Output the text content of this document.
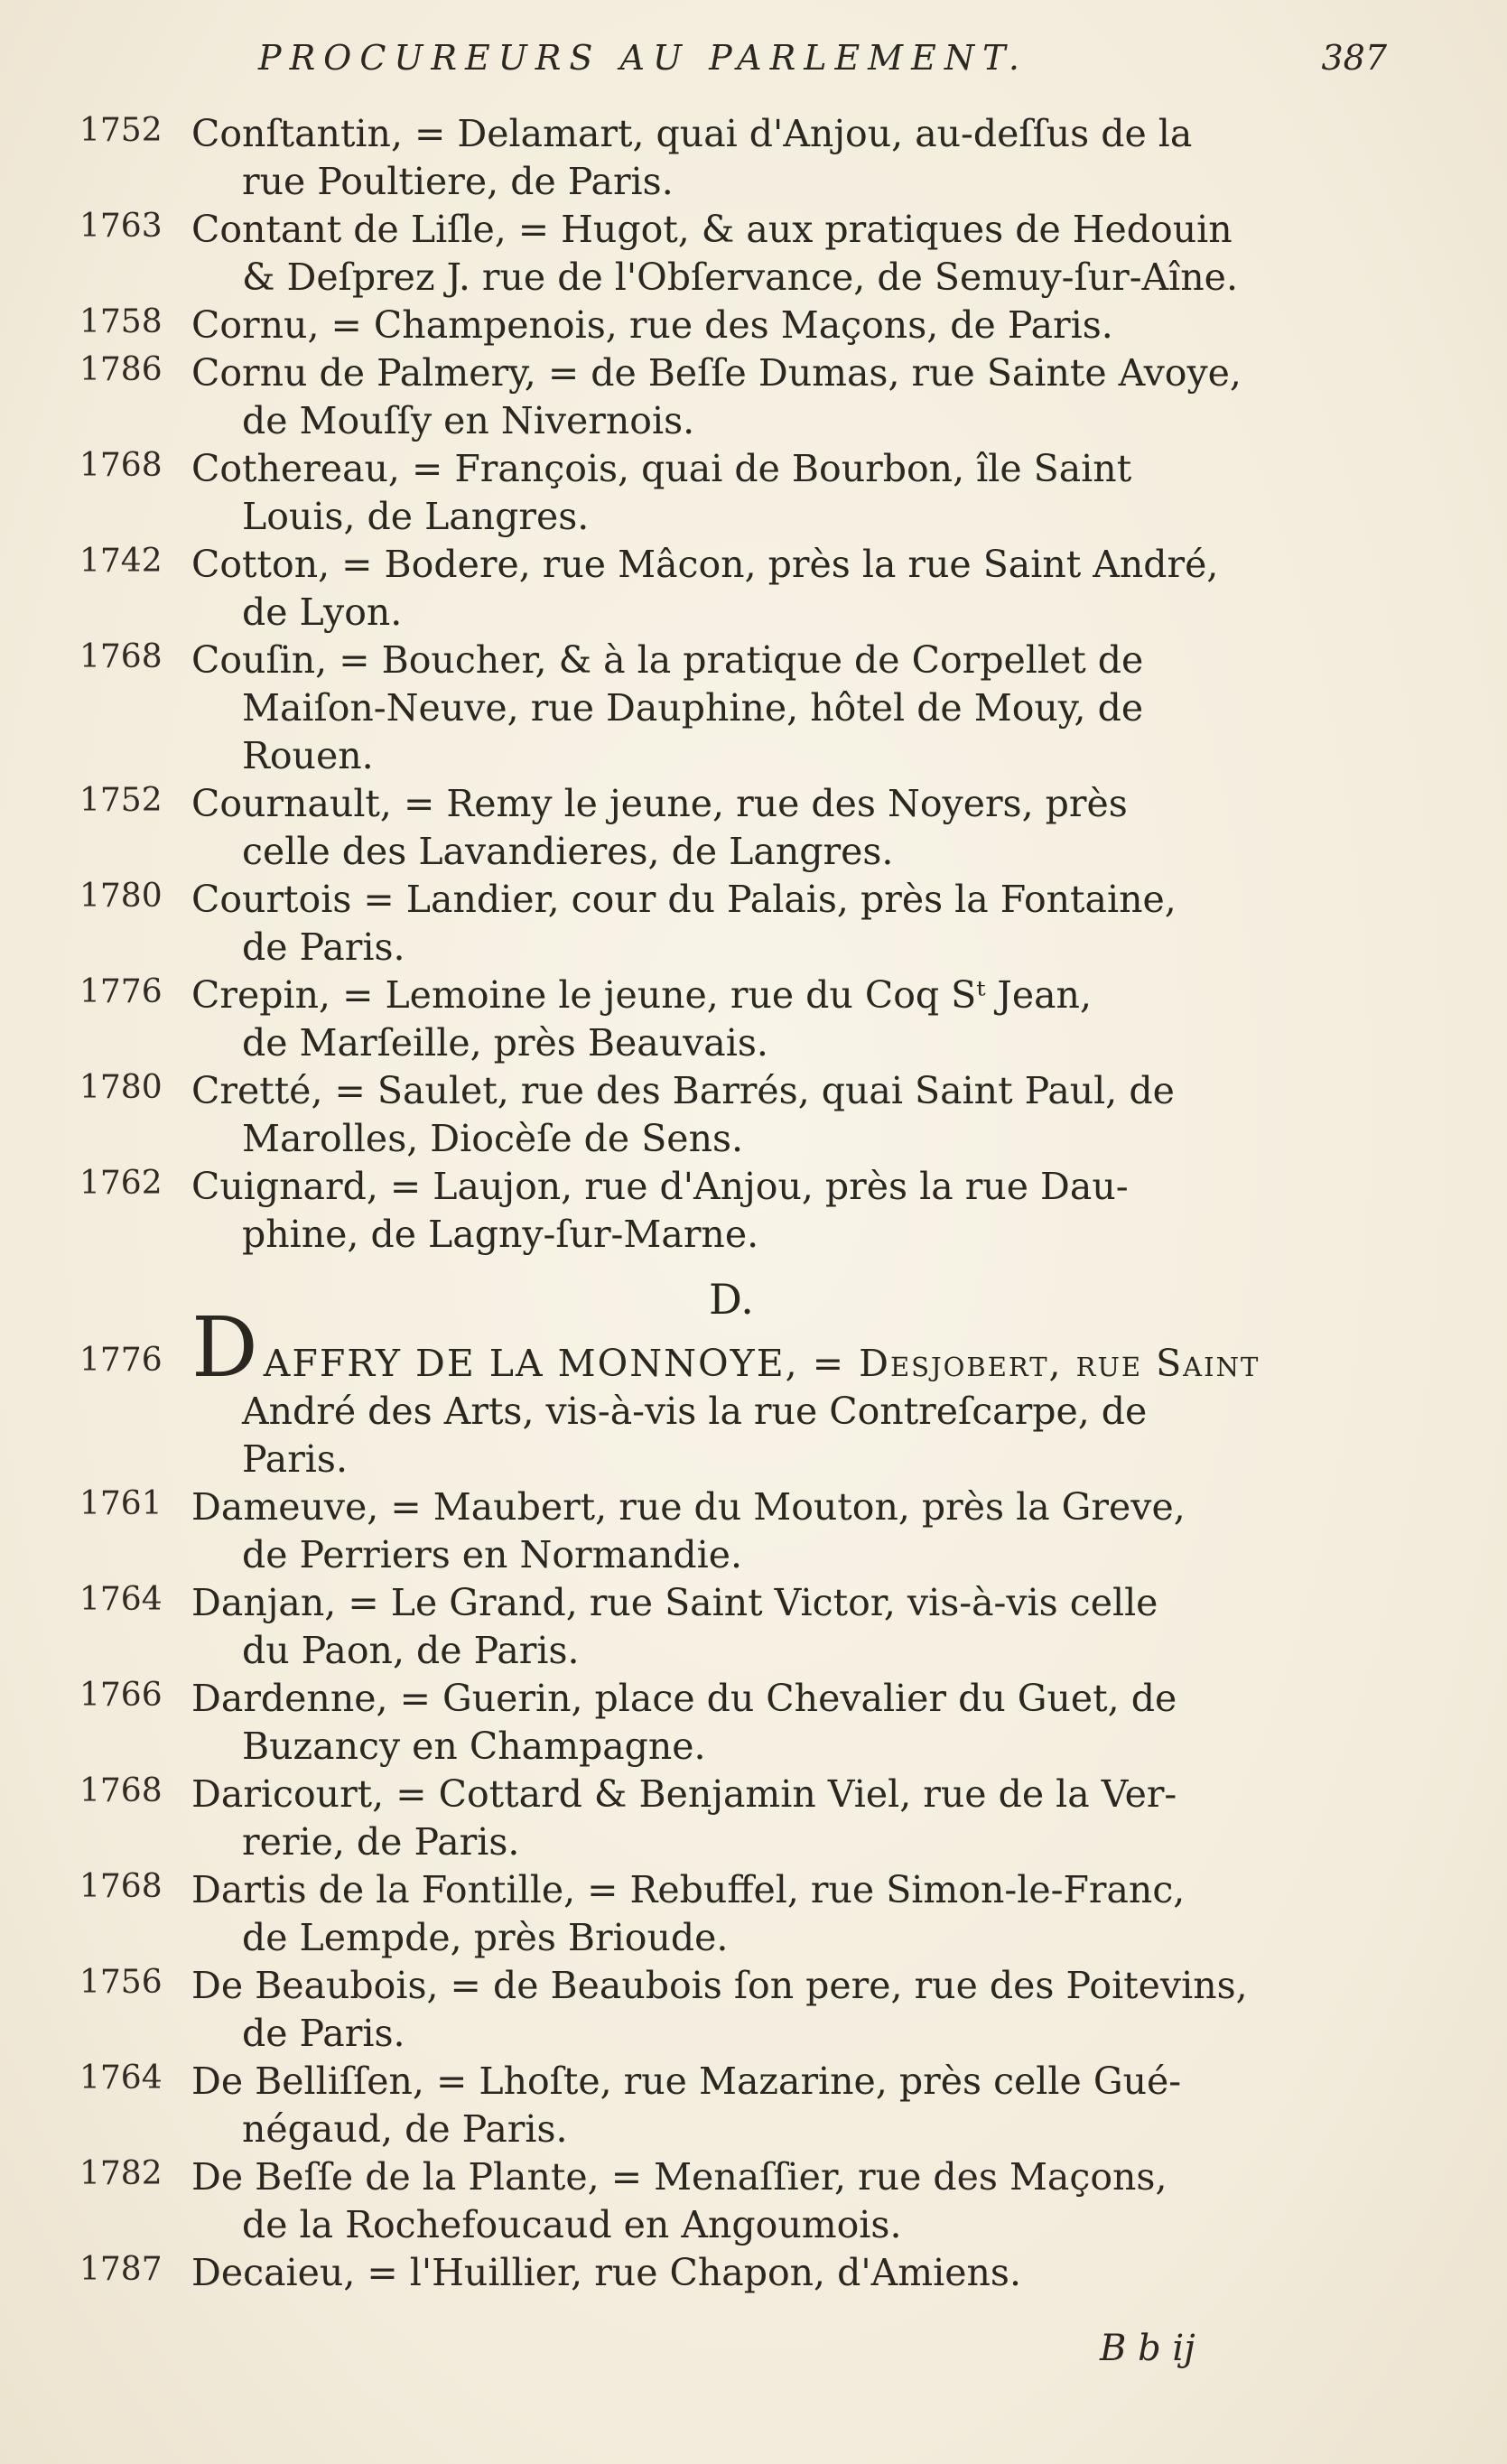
PROCUREURS AU PARLEMENT.	387
1752 Conſtantin, = Delamart, quai d'Anjou, au-deſſus de la
rue Poultiere, de Paris.
1763 Contant de Liſle, = Hugot, & aux pratiques de Hedouin
& Deſprez J. rue de l'Obſervance, de Semuy-ſur-Aîne.
1758 Cornu, = Champenois, rue des Maçons, de Paris.
1786 Cornu de Palmery, = de Beſſe Dumas, rue Sainte Avoye,
de Mouſſy en Nivernois.
1768 Cothereau, = François, quai de Bourbon, île Saint
Louis, de Langres.
1742 Cotton, = Bodere, rue Mâcon, près la rue Saint André,
de Lyon.
1768 Couſin, = Boucher, & à la pratique de Corpellet de
Maiſon-Neuve, rue Dauphine, hôtel de Mouy, de
Rouen.
1752 Cournault, = Remy le jeune, rue des Noyers, près
celle des Lavandieres, de Langres.
1780 Courtois = Landier, cour du Palais, près la Fontaine,
de Paris.
1776 Crepin, = Lemoine le jeune, rue du Coq Sᵗ Jean,
de Marſeille, près Beauvais.
1780 Cretté, = Saulet, rue des Barrés, quai Saint Paul, de
Marolles, Diocèſe de Sens.
1762 Cuignard, = Laujon, rue d'Anjou, près la rue Dau-
phine, de Lagny-ſur-Marne.
D.
1776 DAFFRY DE LA MONNOYE, = Deſjobert, rue Saint
André des Arts, vis-à-vis la rue Contreſcarpe, de
Paris.
1761 Dameuve, = Maubert, rue du Mouton, près la Greve,
de Perriers en Normandie.
1764 Danjan, = Le Grand, rue Saint Victor, vis-à-vis celle
du Paon, de Paris.
1766 Dardenne, = Guerin, place du Chevalier du Guet, de
Buzancy en Champagne.
1768 Daricourt, = Cottard & Benjamin Viel, rue de la Ver-
rerie, de Paris.
1768 Dartis de la Fontille, = Rebuffel, rue Simon-le-Franc,
de Lempde, près Brioude.
1756 De Beaubois, = de Beaubois ſon pere, rue des Poitevins,
de Paris.
1764 De Belliſſen, = Lhoſte, rue Mazarine, près celle Gué-
négaud, de Paris.
1782 De Beſſe de la Plante, = Menaſſier, rue des Maçons,
de la Rochefoucaud en Angoumois.
1787 Decaieu, = l'Huillier, rue Chapon, d'Amiens.
B b ij
